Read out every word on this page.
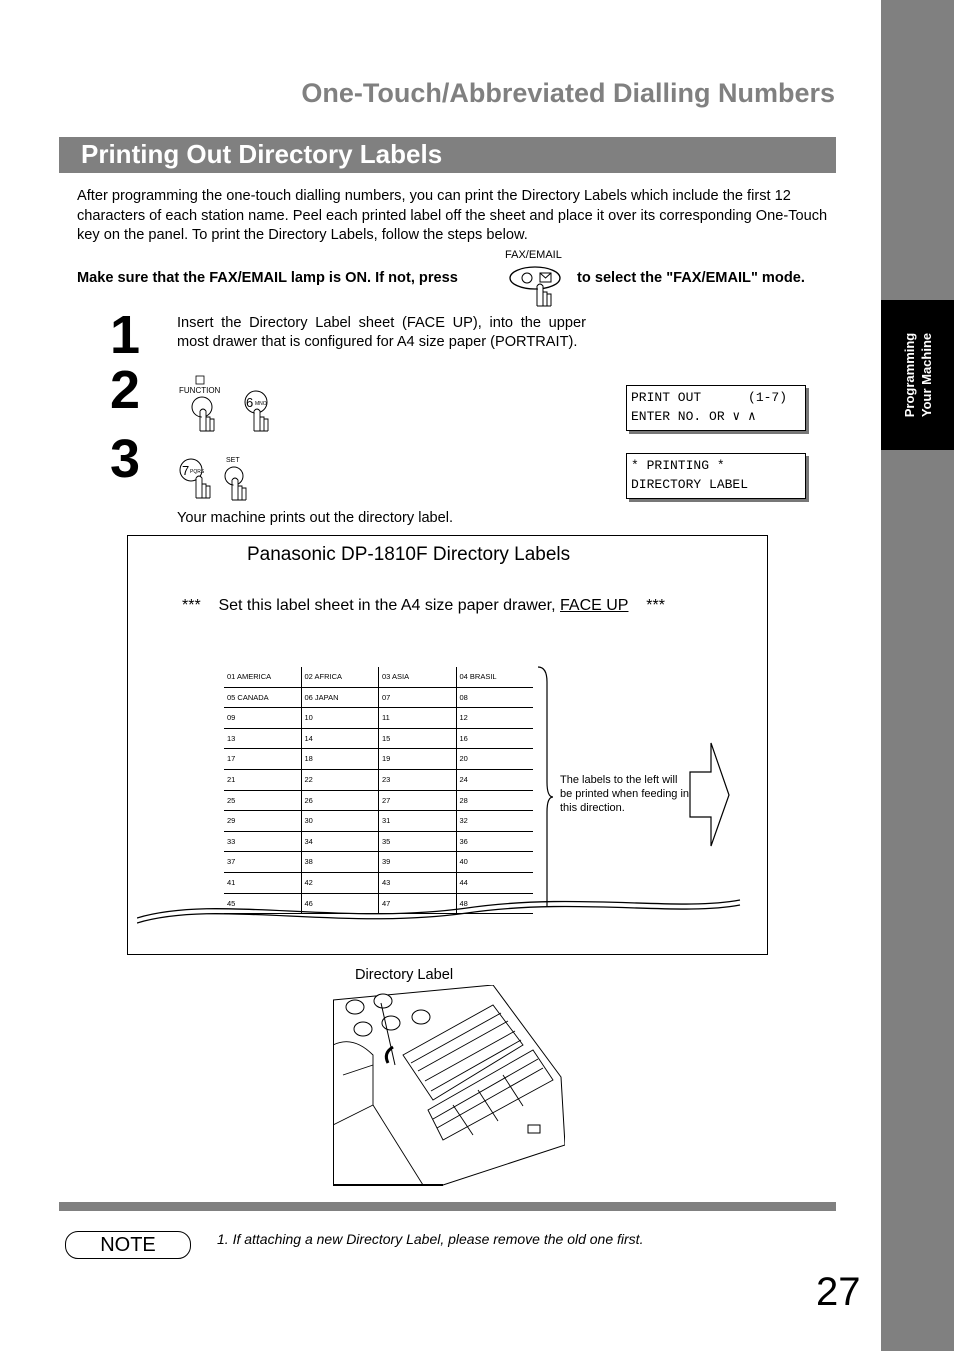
Programming Your Machine
One-Touch/Abbreviated Dialling Numbers
Printing Out Directory Labels
After programming the one-touch dialling numbers, you can print the Directory Labels which include the first 12 characters of each station name. Peel each printed label off the sheet and place it over its corresponding One-Touch key on the panel. To print the Directory Labels, follow the steps below.
FAX/EMAIL
Make sure that the FAX/EMAIL lamp is ON. If not, press	to select the "FAX/EMAIL" mode.
1
2
3
Insert the Directory Label sheet (FACE UP), into the upper most drawer that is configured for A4 size paper (PORTRAIT).
FUNCTION
6 MNO
7 PQRS
SET
PRINT OUT      (1-7)
ENTER NO. OR ∨ ∧
* PRINTING *
DIRECTORY LABEL
Your machine prints out the directory label.
Panasonic DP-1810F Directory Labels
*** Set this label sheet in the A4 size paper drawer, FACE UP ***
01 AMERICA	02 AFRICA	03 ASIA	04 BRASIL
05 CANADA	06 JAPAN	07	08
09	10	11	12
13	14	15	16
17	18	19	20
21	22	23	24
25	26	27	28
29	30	31	32
33	34	35	36
37	38	39	40
41	42	43	44
45	46	47	48
The labels to the left will be printed when feeding in this direction.
Directory Label
NOTE	1. If attaching a new Directory Label, please remove the old one first.
27
